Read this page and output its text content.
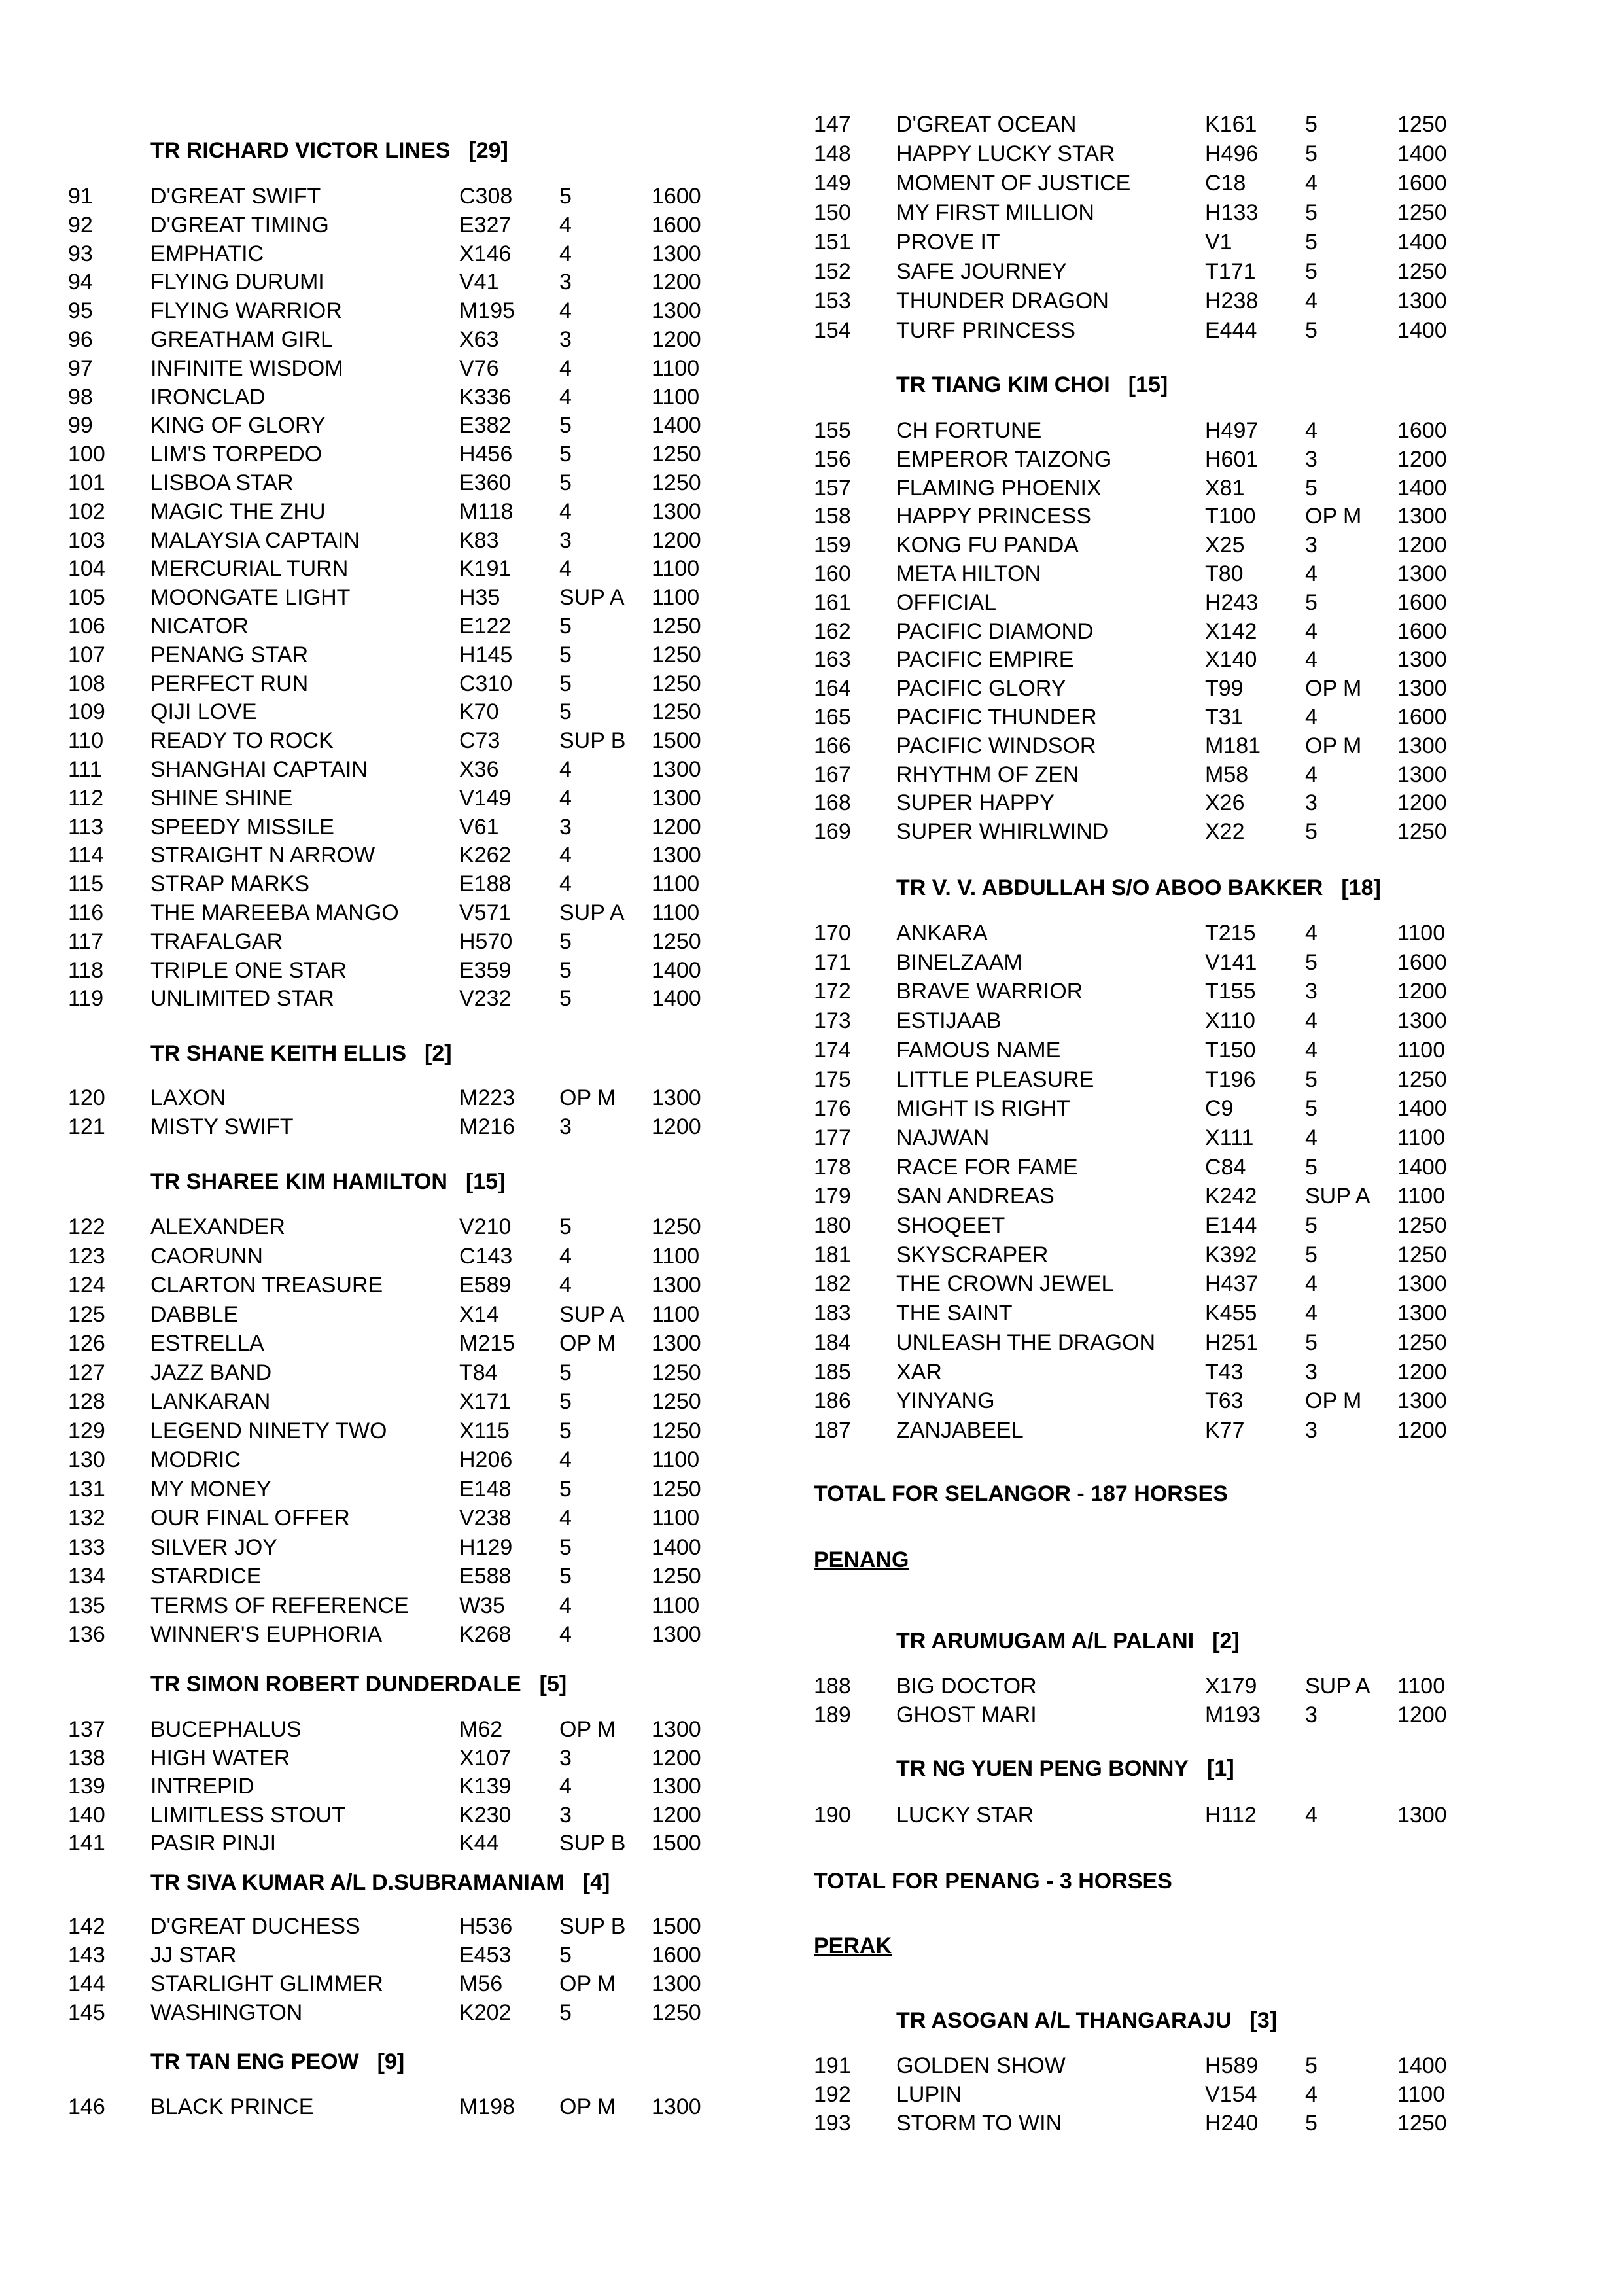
TR RICHARD VICTOR LINES [29]
91	D'GREAT SWIFT	C308 5	1600
92	D'GREAT TIMING	E327 4	1600
93	EMPHATIC	X146 4	1300
94	FLYING DURUMI	V41	3	1200
95	FLYING WARRIOR	M195 4	1300
96	GREATHAM GIRL	X63	3	1200
97	INFINITE WISDOM	V76	4	1100
98	IRONCLAD	K336 4	1100
99	KING OF GLORY	E382 5	1400
100 LIM'S TORPEDO	H456 5	1250
101 LISBOA STAR	E360 5	1250
102 MAGIC THE ZHU	M118 4	1300
103 MALAYSIA CAPTAIN	K83	3	1200
104 MERCURIAL TURN	K191 4	1100
105 MOONGATE LIGHT	H35	SUP A 1100
106 NICATOR	E122 5	1250
107 PENANG STAR	H145 5	1250
108 PERFECT RUN	C310 5	1250
109 QIJI LOVE	K70	5	1250
110 READY TO ROCK	C73	SUP B 1500
111 SHANGHAI CAPTAIN	X36	4	1300
112 SHINE SHINE	V149 4	1300
113 SPEEDY MISSILE	V61	3	1200
114 STRAIGHT N ARROW	K262 4	1300
115 STRAP MARKS	E188 4	1100
116 THE MAREEBA MANGO	V571 SUP A 1100
117 TRAFALGAR	H570 5	1250
118 TRIPLE ONE STAR	E359 5	1400
119 UNLIMITED STAR	V232 5	1400
TR SHANE KEITH ELLIS [2]
120 LAXON	M223 OP M 1300
121 MISTY SWIFT	M216 3	1200
TR SHAREE KIM HAMILTON [15]
122 ALEXANDER	V210 5	1250
123 CAORUNN	C143 4	1100
124 CLARTON TREASURE	E589 4	1300
125 DABBLE	X14	SUP A 1100
126 ESTRELLA	M215 OP M 1300
127 JAZZ BAND	T84	5	1250
128 LANKARAN	X171 5	1250
129 LEGEND NINETY TWO	X115 5	1250
130 MODRIC	H206 4	1100
131 MY MONEY	E148 5	1250
132 OUR FINAL OFFER	V238 4	1100
133 SILVER JOY	H129 5	1400
134 STARDICE	E588 5	1250
135 TERMS OF REFERENCE W35 4	1100
136 WINNER'S EUPHORIA	K268 4	1300
TR SIMON ROBERT DUNDERDALE [5]
137 BUCEPHALUS	M62	OP M 1300
138 HIGH WATER	X107 3	1200
139 INTREPID	K139 4	1300
140 LIMITLESS STOUT	K230 3	1200
141 PASIR PINJI	K44	SUP B 1500
TR SIVA KUMAR A/L D.SUBRAMANIAM [4]
142 D'GREAT DUCHESS	H536 SUP B 1500
143 JJ STAR	E453 5	1600
144 STARLIGHT GLIMMER	M56	OP M 1300
145 WASHINGTON	K202 5	1250
TR TAN ENG PEOW [9]
146 BLACK PRINCE	M198 OP M 1300
147 D'GREAT OCEAN	K161 5	1250
148 HAPPY LUCKY STAR	H496 5	1400
149 MOMENT OF JUSTICE	C18	4	1600
150 MY FIRST MILLION	H133 5	1250
151 PROVE IT	V1	5	1400
152 SAFE JOURNEY	T171 5	1250
153 THUNDER DRAGON	H238 4	1300
154 TURF PRINCESS	E444 5	1400
TR TIANG KIM CHOI [15]
155 CH FORTUNE	H497 4	1600
156 EMPEROR TAIZONG	H601 3	1200
157 FLAMING PHOENIX	X81	5	1400
158 HAPPY PRINCESS	T100 OP M 1300
159 KONG FU PANDA	X25	3	1200
160 META HILTON	T80	4	1300
161 OFFICIAL	H243 5	1600
162 PACIFIC DIAMOND	X142 4	1600
163 PACIFIC EMPIRE	X140 4	1300
164 PACIFIC GLORY	T99	OP M 1300
165 PACIFIC THUNDER	T31	4	1600
166 PACIFIC WINDSOR	M181 OP M 1300
167 RHYTHM OF ZEN	M58	4	1300
168 SUPER HAPPY	X26	3	1200
169 SUPER WHIRLWIND	X22	5	1250
TR V. V. ABDULLAH S/O ABOO BAKKER [18]
170 ANKARA	T215 4	1100
171 BINELZAAM	V141 5	1600
172 BRAVE WARRIOR	T155 3	1200
173 ESTIJAAB	X110 4	1300
174 FAMOUS NAME	T150 4	1100
175 LITTLE PLEASURE	T196 5	1250
176 MIGHT IS RIGHT	C9	5	1400
177 NAJWAN	X111 4	1100
178 RACE FOR FAME	C84	5	1400
179 SAN ANDREAS	K242 SUP A 1100
180 SHOQEET	E144 5	1250
181 SKYSCRAPER	K392 5	1250
182 THE CROWN JEWEL	H437 4	1300
183 THE SAINT	K455 4	1300
184 UNLEASH THE DRAGON H251 5	1250
185 XAR	T43	3	1200
186 YINYANG	T63	OP M 1300
187 ZANJABEEL	K77	3	1200
TOTAL FOR SELANGOR - 187 HORSES
PENANG
TR ARUMUGAM A/L PALANI [2]
188 BIG DOCTOR	X179 SUP A 1100
189 GHOST MARI	M193 3	1200
TR NG YUEN PENG BONNY [1]
190 LUCKY STAR	H112 4	1300
TOTAL FOR PENANG - 3 HORSES
PERAK
TR ASOGAN A/L THANGARAJU [3]
191 GOLDEN SHOW	H589 5	1400
192 LUPIN	V154 4	1100
193 STORM TO WIN	H240 5	1250
